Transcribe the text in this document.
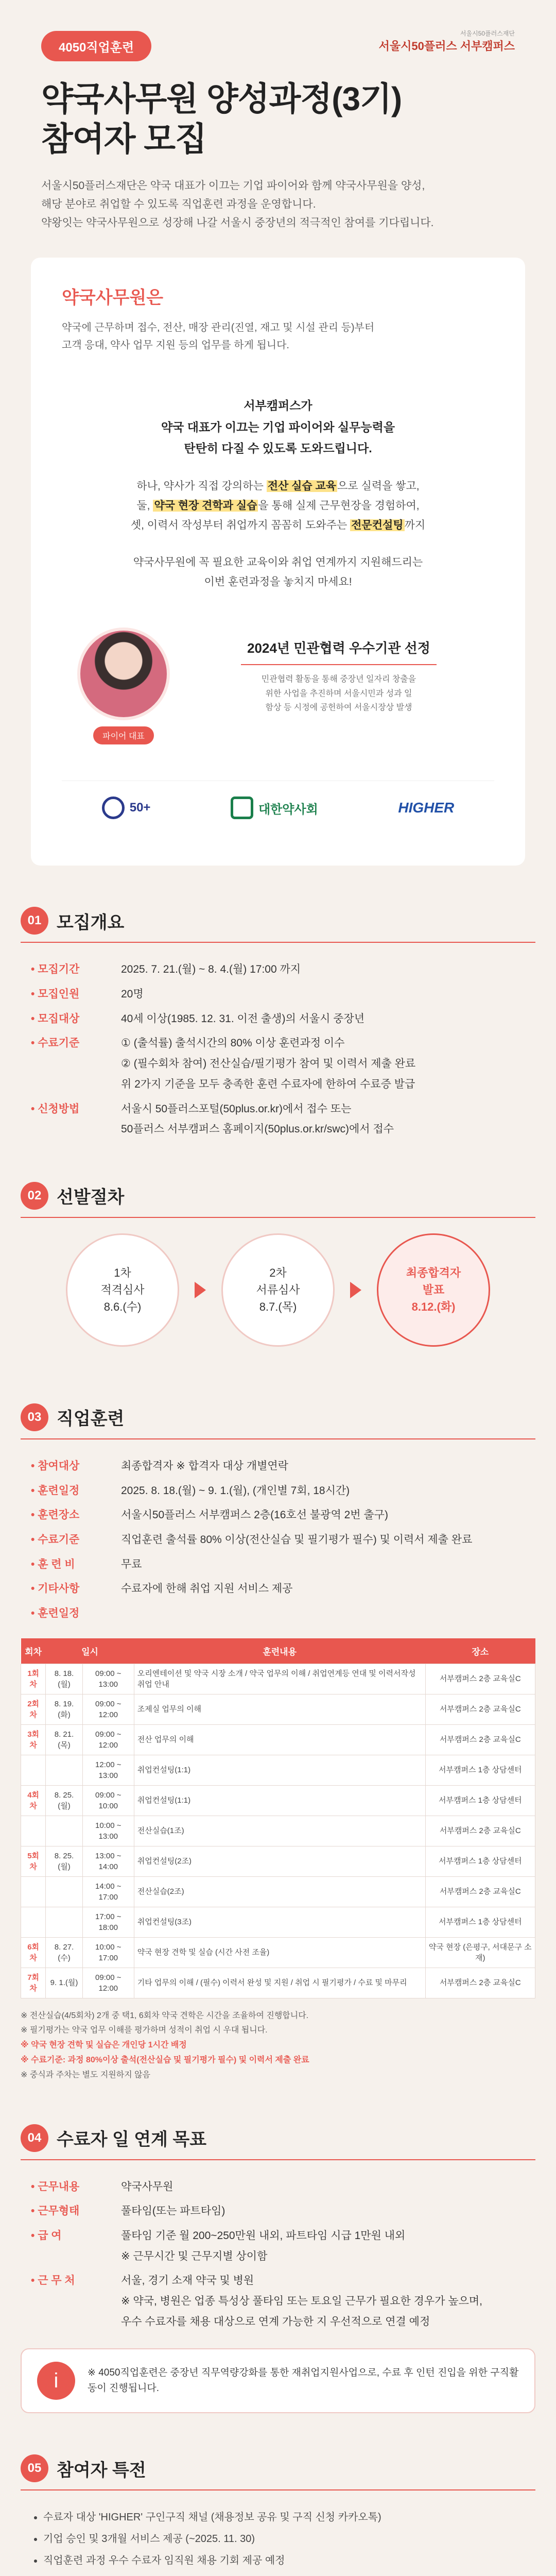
서울시50플러스재단
서울시50플러스 서부캠퍼스
4050직업훈련
약국사무원 양성과정(3기)
참여자 모집
서울시50플러스재단은 약국 대표가 이끄는 기업 파이어와 함께 약국사무원을 양성,
해당 분야로 취업할 수 있도록 직업훈련 과정을 운영합니다.
약왕잇는 약국사무원으로 성장해 나갈 서울시 중장년의 적극적인 참여를 기다립니다.
약국사무원은
약국에 근무하며 접수, 전산, 매장 관리(진열, 재고 및 시설 관리 등)부터
고객 응대, 약사 업무 지원 등의 업무를 하게 됩니다.
서부캠퍼스가
약국 대표가 이끄는 기업 파이어와 실무능력을
탄탄히 다질 수 있도록 도와드립니다.
하나, 약사가 직접 강의하는 전산 실습 교육으로 실력을 쌓고,
둘, 약국 현장 견학과 실습을 통해 실제 근무현장을 경험하여,
셋, 이력서 작성부터 취업까지 꼼꼼히 도와주는 전문컨설팅까지
약국사무원에 꼭 필요한 교육이와 취업 연계까지 지원해드리는
이번 훈련과정을 놓치지 마세요!
파이어 대표
2024년 민관협력 우수기관 선정
민관협력 활동을 통해 중장년 일자리 창출을
위한 사업을 추진하며 서울시민과 성과 일
함상 등 시정에 공헌하여 서울시장상 발생
50+	대한약사회	HIGHER
01 모집개요
• 모집기간	2025. 7. 21.(월) ~ 8. 4.(월) 17:00 까지

• 모집인원	20명

• 모집대상	40세 이상(1985. 12. 31. 이전 출생)의 서울시 중장년

• 수료기준	① (출석률) 출석시간의 80% 이상 훈련과정 이수

② (필수회차 참여) 전산실습/필기평가 참여 및 이력서 제출 완료

위 2가지 기준을 모두 충족한 훈련 수료자에 한하여 수료증 발급

• 신청방법	서울시 50플러스포털(50plus.or.kr)에서 접수 또는

50플러스 서부캠퍼스 홈페이지(50plus.or.kr/swc)에서 접수

02 선발절차
1차
적격심사
8.6.(수)
2차
서류심사
8.7.(목)
최종합격자
발표
8.12.(화)
03 직업훈련
• 참여대상	최종합격자 ※ 합격자 대상 개별연락

• 훈련일정	2025. 8. 18.(월) ~ 9. 1.(월), (개인별 7회, 18시간)

• 훈련장소	서울시50플러스 서부캠퍼스 2층(16호선 불광역 2번 출구)

• 수료기준	직업훈련 출석률 80% 이상(전산실습 및 필기평가 필수) 및 이력서 제출 완료

• 훈 련 비	무료

• 기타사항	수료자에 한해 취업 지원 서비스 제공

• 훈련일정

회차	일시		훈련내용	장소
1회차	8. 18.(월)	09:00 ~ 13:00	오리엔테이션 및 약국 시장 소개 / 약국 업무의 이해 / 취업연계등 연대 및 이력서작성 취업 안내	서부캠퍼스 2층 교육실C
2회차	8. 19.(화)	09:00 ~ 12:00	조제실 업무의 이해	서부캠퍼스 2층 교육실C
3회차	8. 21.(목)	09:00 ~ 12:00	전산 업무의 이해	서부캠퍼스 2층 교육실C
		12:00 ~ 13:00	취업컨설팅(1:1)	서부캠퍼스 1층 상담센터
4회차	8. 25.(월)	09:00 ~ 10:00	취업컨설팅(1:1)	서부캠퍼스 1층 상담센터
		10:00 ~ 13:00	전산실습(1조)	서부캠퍼스 2층 교육실C
5회차	8. 25.(월)	13:00 ~ 14:00	취업컨설팅(2조)	서부캠퍼스 1층 상담센터
		14:00 ~ 17:00	전산실습(2조)	서부캠퍼스 2층 교육실C
		17:00 ~ 18:00	취업컨설팅(3조)	서부캠퍼스 1층 상담센터
6회차	8. 27.(수)	10:00 ~ 17:00	약국 현장 견학 및 실습 (시간 사전 조율)	약국 현장 (은평구, 서대문구 소재)
7회차	9. 1.(월)	09:00 ~ 12:00	기타 업무의 이해 / (필수) 이력서 완성 및 지원 / 취업 시 필기평가 / 수료 및 마무리	서부캠퍼스 2층 교육실C

※ 전산실습(4/5회차) 2개 중 택1, 6회차 약국 견학은 시간을 조율하여 진행합니다.

※ 필기평가는 약국 업무 이해를 평가하며 성적이 취업 시 우대 됩니다.

※ 약국 현장 견학 및 실습은 개인당 1시간 배정

※ 수료기준: 과정 80%이상 출석(전산실습 및 필기평가 필수) 및 이력서 제출 완료

※ 중식과 주차는 별도 지원하지 않음

04 수료자 일 연계 목표
• 근무내용	약국사무원

• 근무형태	풀타임(또는 파트타임)

• 급 여	풀타임 기준 월 200~250만원 내외, 파트타임 시급 1만원 내외

※ 근무시간 및 근무지별 상이함

• 근 무 처	서울, 경기 소재 약국 및 병원

※ 약국, 병원은 업종 특성상 풀타임 또는 토요일 근무가 필요한 경우가 높으며,

우수 수료자를 채용 대상으로 연계 가능한 지 우선적으로 연결 예정

i	※ 4050직업훈련은 중장년 직무역량강화를 통한 재취업지원사업으로, 수료 후 인턴 진입을 위한 구직활동이 진행됩니다.
05 참여자 특전
• 수료자 대상 'HIGHER' 구인구직 채널 (채용정보 공유 및 구직 신청 카카오톡)
• 기업 승인 및 3개월 서비스 제공 (~2025. 11. 30)
• 직업훈련 과정 우수 수료자 임직원 채용 기회 제공 예정
•
